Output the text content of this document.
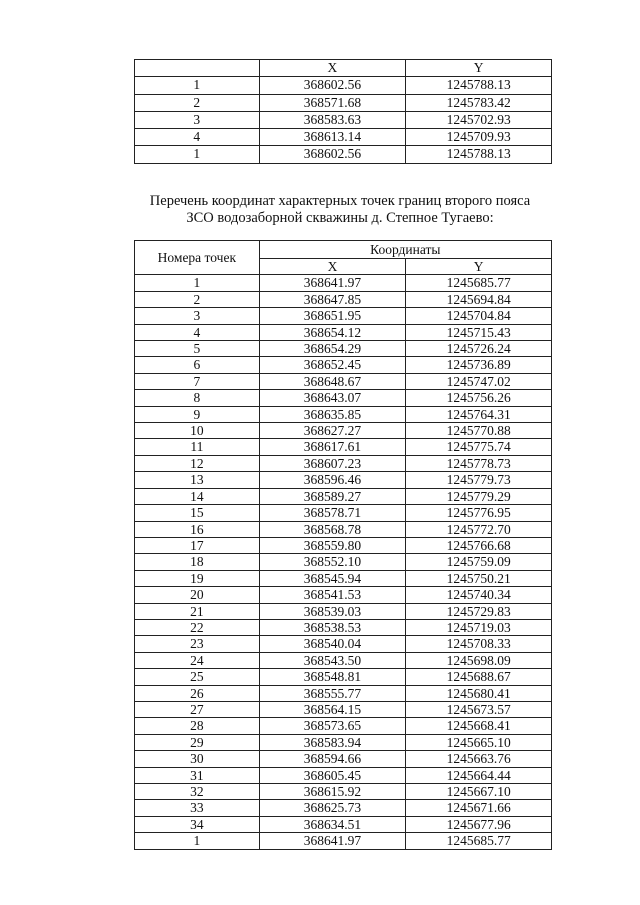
	X	Y
1	368602.56	1245788.13
2	368571.68	1245783.42
3	368583.63	1245702.93
4	368613.14	1245709.93
1	368602.56	1245788.13
Перечень координат характерных точек границ второго пояса
ЗСО водозаборной скважины д. Степное Тугаево:
Номера точек	Координаты	
	X	Y
1	368641.97	1245685.77
2	368647.85	1245694.84
3	368651.95	1245704.84
4	368654.12	1245715.43
5	368654.29	1245726.24
6	368652.45	1245736.89
7	368648.67	1245747.02
8	368643.07	1245756.26
9	368635.85	1245764.31
10	368627.27	1245770.88
11	368617.61	1245775.74
12	368607.23	1245778.73
13	368596.46	1245779.73
14	368589.27	1245779.29
15	368578.71	1245776.95
16	368568.78	1245772.70
17	368559.80	1245766.68
18	368552.10	1245759.09
19	368545.94	1245750.21
20	368541.53	1245740.34
21	368539.03	1245729.83
22	368538.53	1245719.03
23	368540.04	1245708.33
24	368543.50	1245698.09
25	368548.81	1245688.67
26	368555.77	1245680.41
27	368564.15	1245673.57
28	368573.65	1245668.41
29	368583.94	1245665.10
30	368594.66	1245663.76
31	368605.45	1245664.44
32	368615.92	1245667.10
33	368625.73	1245671.66
34	368634.51	1245677.96
1	368641.97	1245685.77
